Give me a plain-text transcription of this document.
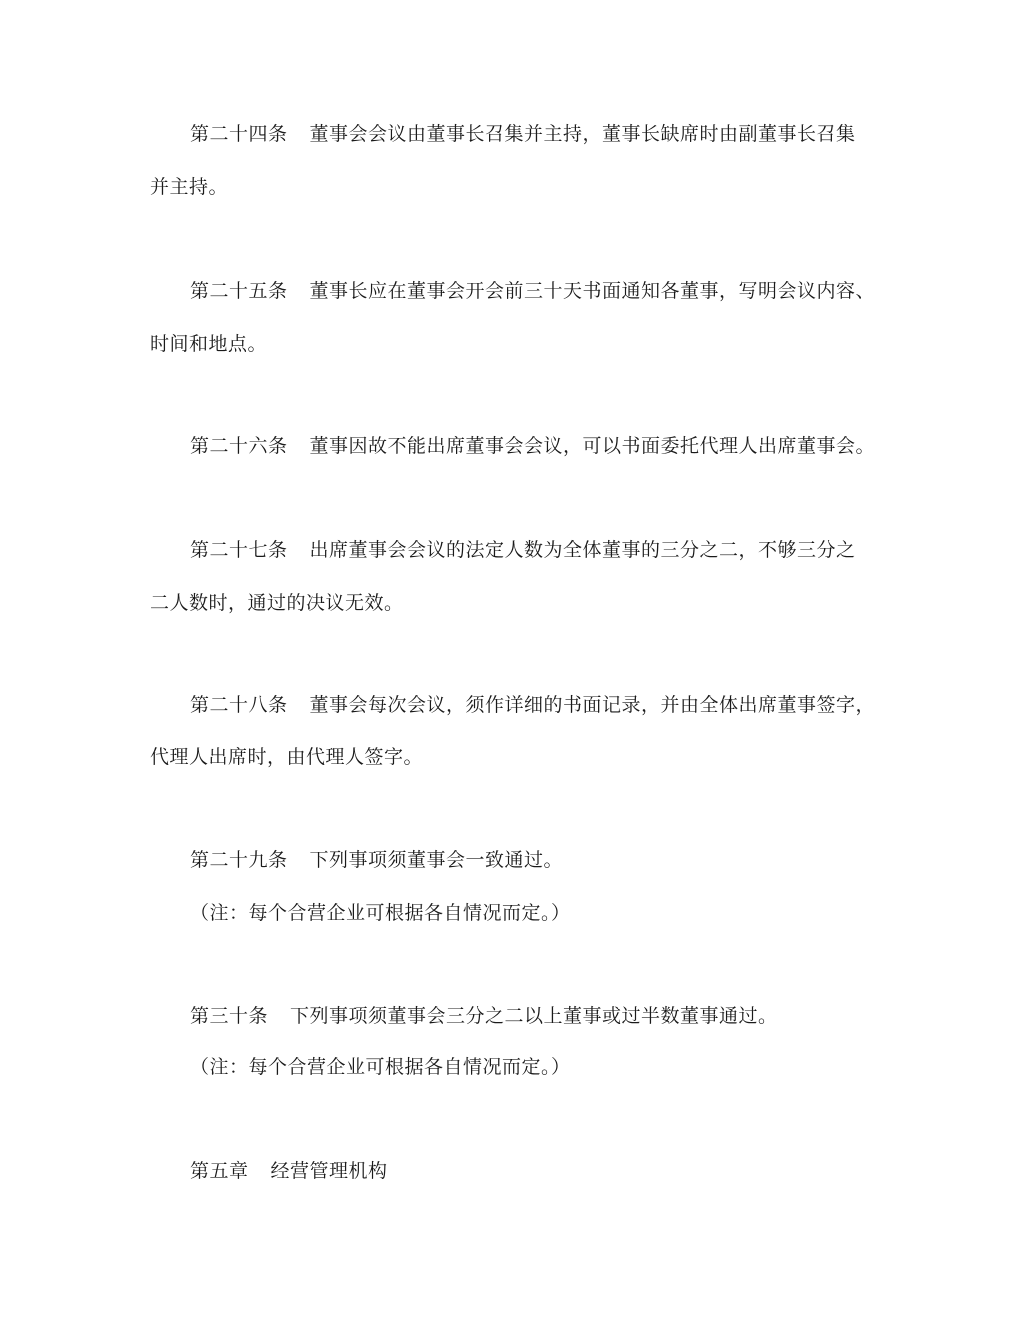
第二十四条 董事会会议由董事长召集并主持，董事长缺席时由副董事长召集
并主持。
第二十五条 董事长应在董事会开会前三十天书面通知各董事，写明会议内容、
时间和地点。
第二十六条 董事因故不能出席董事会会议，可以书面委托代理人出席董事会。
第二十七条 出席董事会会议的法定人数为全体董事的三分之二，不够三分之
二人数时，通过的决议无效。
第二十八条 董事会每次会议，须作详细的书面记录，并由全体出席董事签字，
代理人出席时，由代理人签字。
第二十九条 下列事项须董事会一致通过。
（注：每个合营企业可根据各自情况而定。）
第三十条 下列事项须董事会三分之二以上董事或过半数董事通过。
（注：每个合营企业可根据各自情况而定。）
第五章 经营管理机构
